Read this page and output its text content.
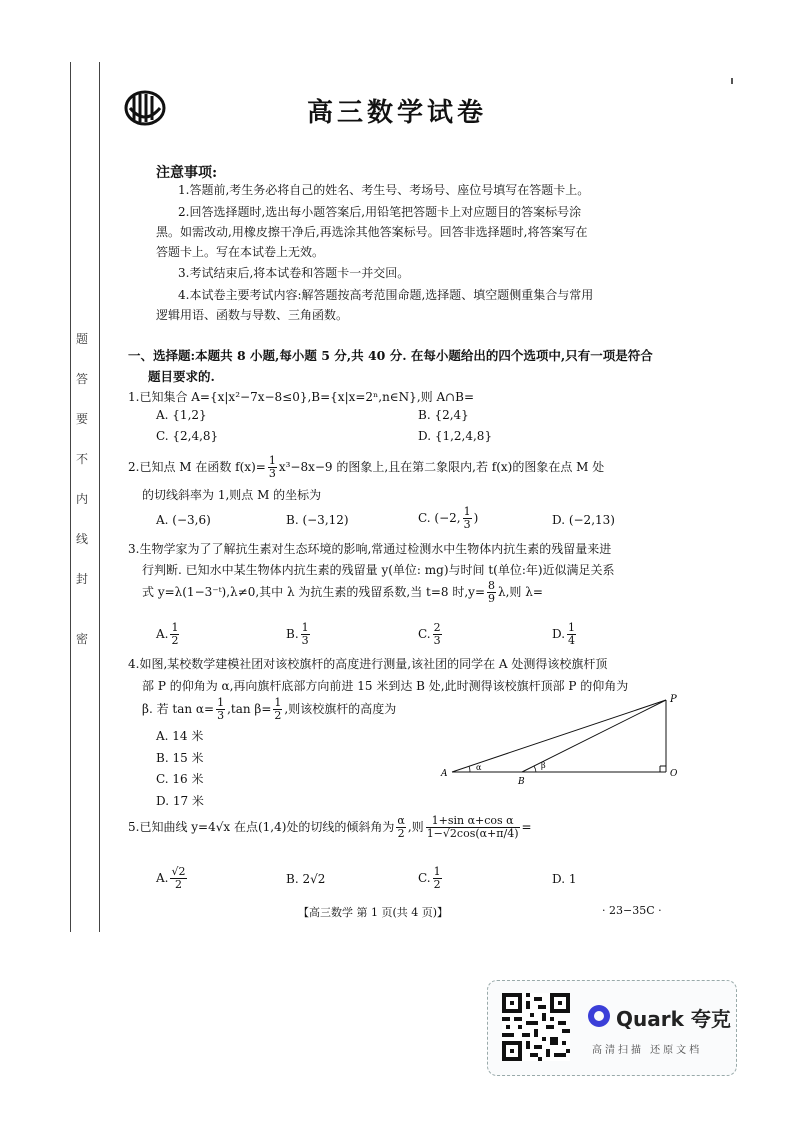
题
答
要
不
内
线
封
密
高三数学试卷
注意事项:
1.答题前,考生务必将自己的姓名、考生号、考场号、座位号填写在答题卡上。
2.回答选择题时,选出每小题答案后,用铅笔把答题卡上对应题目的答案标号涂
黑。如需改动,用橡皮擦干净后,再选涂其他答案标号。回答非选择题时,将答案写在
答题卡上。写在本试卷上无效。
3.考试结束后,将本试卷和答题卡一并交回。
4.本试卷主要考试内容:解答题按高考范围命题,选择题、填空题侧重集合与常用
逻辑用语、函数与导数、三角函数。
一、选择题:本题共 8 小题,每小题 5 分,共 40 分. 在每小题给出的四个选项中,只有一项是符合
题目要求的.
1.已知集合 A={x|x²−7x−8≤0},B={x|x=2ⁿ,n∈N},则 A∩B=
A. {1,2}	B. {2,4}
C. {2,4,8}	D. {1,2,4,8}
2.已知点 M 在函数 $f(x)= \frac{1}{3} x^3-8x-9$ 的图象上,且在第二象限内,若 f(x)的图象在点 M 处
的切线斜率为 1,则点 M 的坐标为
A. (−3,6)	B. (−3,12)	C. (−2, $\frac{1}{3}$ )	D. (−2,13)
3.生物学家为了了解抗生素对生态环境的影响,常通过检测水中生物体内抗生素的残留量来进
行判断. 已知水中某生物体内抗生素的残留量 y(单位: mg)与时间 t(单位:年)近似满足关系
式 y=λ(1−3⁻ᵗ),λ≠0,其中 λ 为抗生素的残留系数,当 t=8 时$,y= \frac{8}{9} \lambda$,则 λ=
A. $\frac{1}{2}$	B. $\frac{1}{3}$	C. $\frac{2}{3}$	D. $\frac{1}{4}$
4.如图,某校数学建模社团对该校旗杆的高度进行测量,该社团的同学在 A 处测得该校旗杆顶
部 P 的仰角为 α,再向旗杆底部方向前进 15 米到达 B 处,此时测得该校旗杆顶部 P 的仰角为
β. 若 $\tan \alpha= \frac{1}{3} ,\tan$ $\beta= \frac{1}{2}$ ,则该校旗杆的高度为
A. 14 米
B. 15 米
C. 16 米
D. 17 米
P
A
B
O
α	β
5.已知曲线 y=4√x 在点(1,4)处的切线的倾斜角为 $\frac{\alpha}{2}$ ,则 $\frac{\text{1+sin α+cos α}}{1-√2\cos(\alpha+\pi/4)}$ =
A. $\frac{√2}{2}$	B. 2√2	C. $\frac{1}{2}$	D. 1
【高三数学 第 1 页(共 4 页)】	· 23−35C ·
Quark 夸克
高清扫描 还原文档
